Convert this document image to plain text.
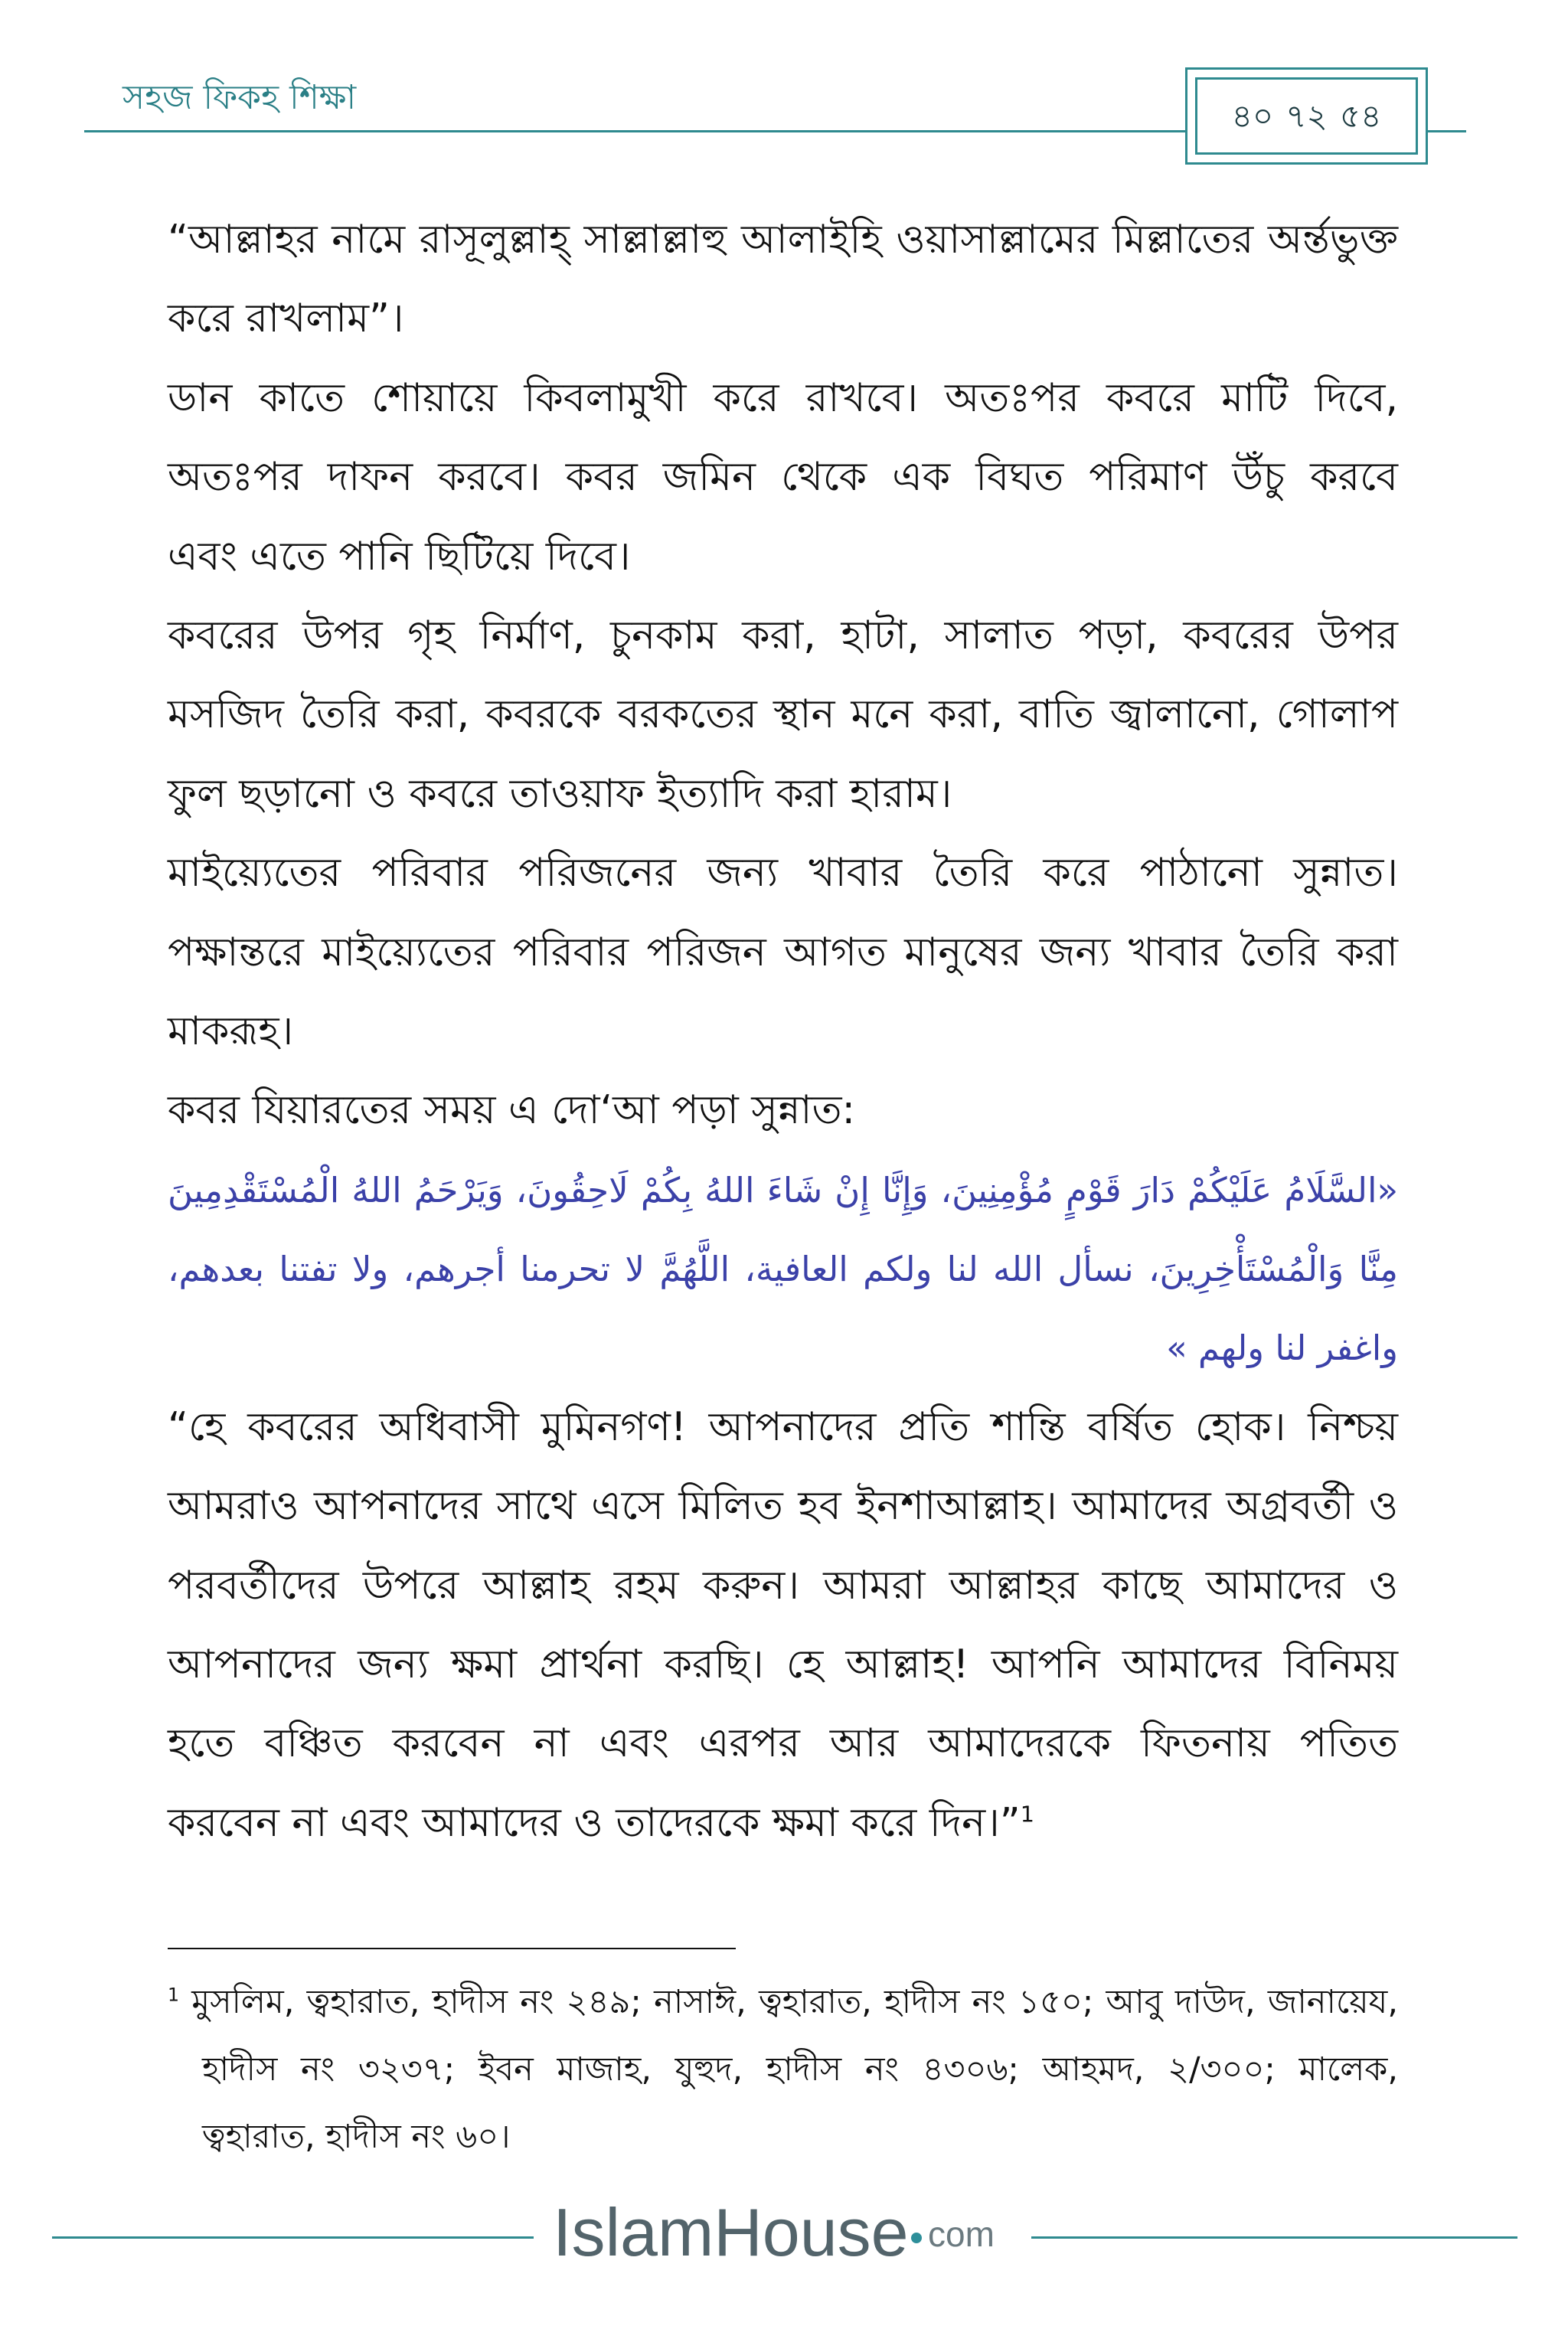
সহজ ফিকহ শিক্ষা	৪০ ৭২ ৫৪
“আল্লাহর নামে রাসূলুল্লাহ্ সাল্লাল্লাহু আলাইহি ওয়াসাল্লামের মিল্লাতের অর্ন্তভুক্ত
করে রাখলাম”।
ডান কাতে শোয়ায়ে কিবলামুখী করে রাখবে। অতঃপর কবরে মাটি দিবে,
অতঃপর দাফন করবে। কবর জমিন থেকে এক বিঘত পরিমাণ উঁচু করবে
এবং এতে পানি ছিটিয়ে দিবে।
কবরের উপর গৃহ নির্মাণ, চুনকাম করা, হাটা, সালাত পড়া, কবরের উপর
মসজিদ তৈরি করা, কবরকে বরকতের স্থান মনে করা, বাতি জ্বালানো, গোলাপ
ফুল ছড়ানো ও কবরে তাওয়াফ ইত্যাদি করা হারাম।
মাইয়্যেতের পরিবার পরিজনের জন্য খাবার তৈরি করে পাঠানো সুন্নাত।
পক্ষান্তরে মাইয়্যেতের পরিবার পরিজন আগত মানুষের জন্য খাবার তৈরি করা
মাকরূহ।
কবর যিয়ারতের সময় এ দো‘আ পড়া সুন্নাত:
«السَّلَامُ عَلَيْكُمْ دَارَ قَوْمٍ مُؤْمِنِينَ، وَإِنَّا إِنْ شَاءَ اللهُ بِكُمْ لَاحِقُونَ، وَيَرْحَمُ اللهُ الْمُسْتَقْدِمِينَ
مِنَّا وَالْمُسْتَأْخِرِينَ، نسأل الله لنا ولكم العافية، اللَّهُمَّ لا تحرمنا أجرهم، ولا تفتنا بعدهم،
واغفر لنا ولهم »
“হে কবরের অধিবাসী মুমিনগণ! আপনাদের প্রতি শান্তি বর্ষিত হোক। নিশ্চয়
আমরাও আপনাদের সাথে এসে মিলিত হব ইনশাআল্লাহ। আমাদের অগ্রবর্তী ও
পরবর্তীদের উপরে আল্লাহ রহম করুন। আমরা আল্লাহর কাছে আমাদের ও
আপনাদের জন্য ক্ষমা প্রার্থনা করছি। হে আল্লাহ! আপনি আমাদের বিনিময়
হতে বঞ্চিত করবেন না এবং এরপর আর আমাদেরকে ফিতনায় পতিত
করবেন না এবং আমাদের ও তাদেরকে ক্ষমা করে দিন।”$^1$
$^1$ মুসলিম, ত্বহারাত, হাদীস নং ২৪৯; নাসাঈ, ত্বহারাত, হাদীস নং ১৫০; আবু দাউদ, জানায়েয,
হাদীস নং ৩২৩৭; ইবন মাজাহ, যুহুদ, হাদীস নং ৪৩০৬; আহমদ, ২/৩০০; মালেক,
ত্বহারাত, হাদীস নং ৬০।
IslamHouse com
